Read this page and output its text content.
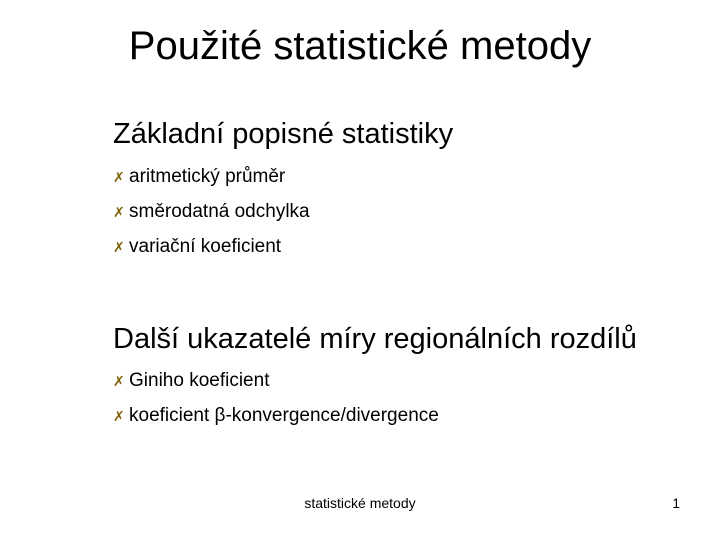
Použité statistické metody
Základní popisné statistiky
✗ aritmetický průměr
✗ směrodatná odchylka
✗ variační koeficient
Další ukazatelé míry regionálních rozdílů
✗ Giniho koeficient
✗ koeficient β-konvergence/divergence
statistické metody	1
